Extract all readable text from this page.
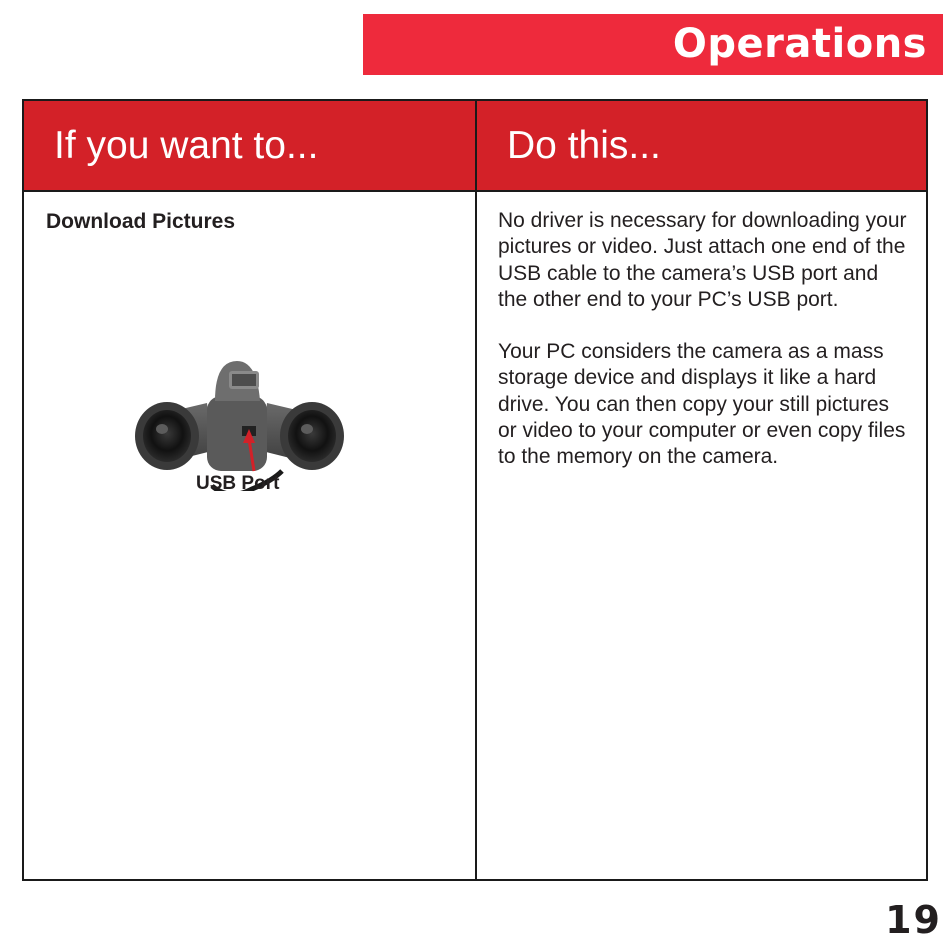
Operations
If you want to...	Do this...
Download Pictures
USB Port

No driver is necessary for downloading your pictures or video. Just attach one end of the USB cable to the camera’s USB port and the other end to your PC’s USB port.

Your PC considers the camera as a mass storage device and displays it like a hard drive. You can then copy your still pictures or video to your computer or even copy files to the memory on the camera.

19
